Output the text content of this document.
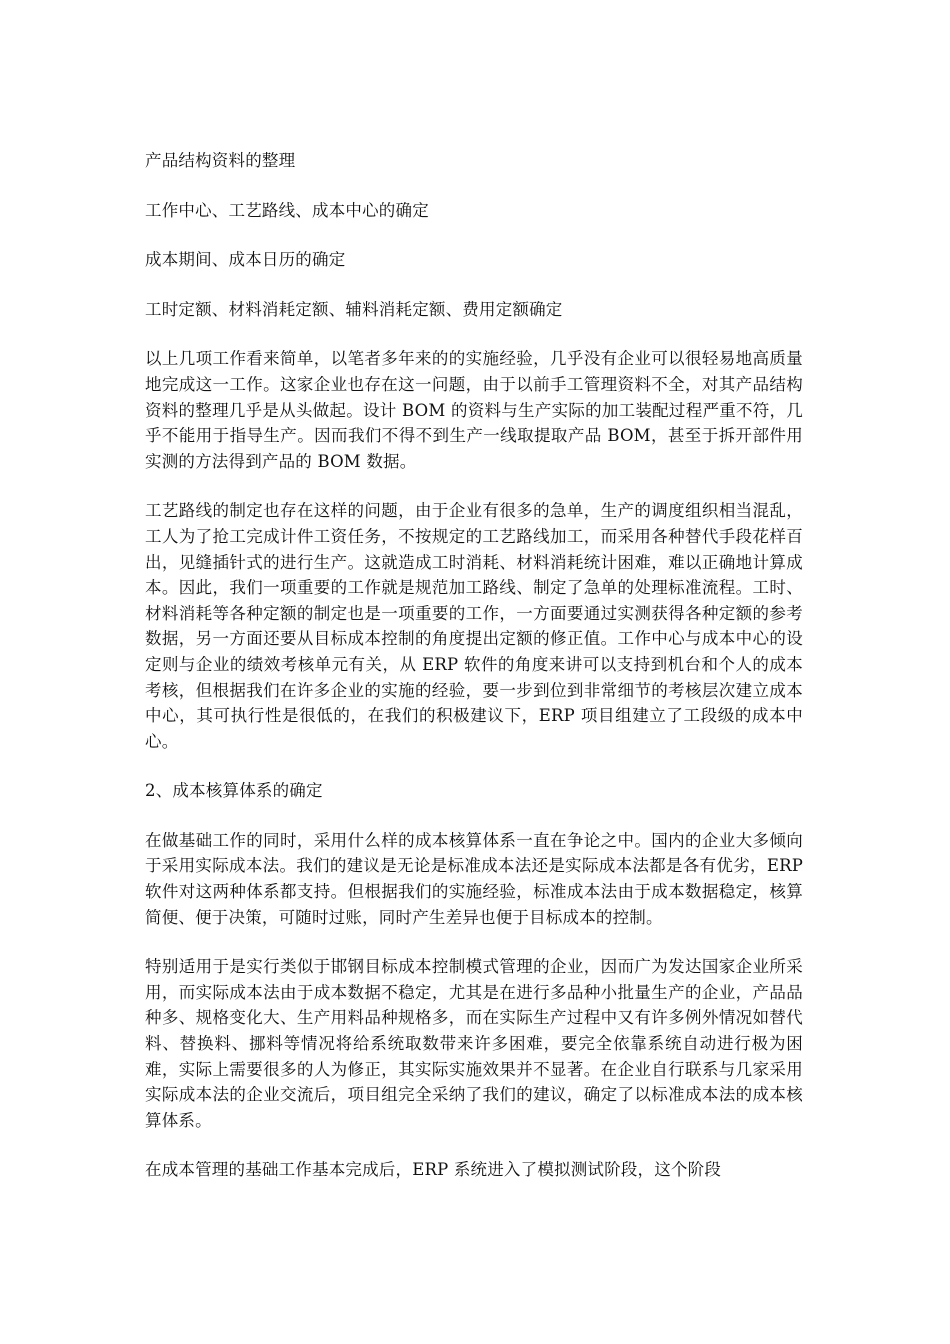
产品结构资料的整理

工作中心、工艺路线、成本中心的确定

成本期间、成本日历的确定

工时定额、材料消耗定额、辅料消耗定额、费用定额确定

以上几项工作看来简单，以笔者多年来的的实施经验，几乎没有企业可以很轻易地高质量地完成这一工作。这家企业也存在这一问题，由于以前手工管理资料不全，对其产品结构资料的整理几乎是从头做起。设计 BOM 的资料与生产实际的加工装配过程严重不符，几乎不能用于指导生产。因而我们不得不到生产一线取提取产品 BOM，甚至于拆开部件用实测的方法得到产品的 BOM 数据。

工艺路线的制定也存在这样的问题，由于企业有很多的急单，生产的调度组织相当混乱，工人为了抢工完成计件工资任务，不按规定的工艺路线加工，而采用各种替代手段花样百出，见缝插针式的进行生产。这就造成工时消耗、材料消耗统计困难，难以正确地计算成本。因此，我们一项重要的工作就是规范加工路线、制定了急单的处理标准流程。工时、材料消耗等各种定额的制定也是一项重要的工作，一方面要通过实测获得各种定额的参考数据，另一方面还要从目标成本控制的角度提出定额的修正值。工作中心与成本中心的设定则与企业的绩效考核单元有关，从 ERP 软件的角度来讲可以支持到机台和个人的成本考核，但根据我们在许多企业的实施的经验，要一步到位到非常细节的考核层次建立成本中心，其可执行性是很低的，在我们的积极建议下，ERP 项目组建立了工段级的成本中心。

2、成本核算体系的确定

在做基础工作的同时，采用什么样的成本核算体系一直在争论之中。国内的企业大多倾向于采用实际成本法。我们的建议是无论是标准成本法还是实际成本法都是各有优劣，ERP 软件对这两种体系都支持。但根据我们的实施经验，标准成本法由于成本数据稳定，核算简便、便于决策，可随时过账，同时产生差异也便于目标成本的控制。

特别适用于是实行类似于邯钢目标成本控制模式管理的企业，因而广为发达国家企业所采用，而实际成本法由于成本数据不稳定，尤其是在进行多品种小批量生产的企业，产品品种多、规格变化大、生产用料品种规格多，而在实际生产过程中又有许多例外情况如替代料、替换料、挪料等情况将给系统取数带来许多困难，要完全依靠系统自动进行极为困难，实际上需要很多的人为修正，其实际实施效果并不显著。在企业自行联系与几家采用实际成本法的企业交流后，项目组完全采纳了我们的建议，确定了以标准成本法的成本核算体系。

在成本管理的基础工作基本完成后，ERP 系统进入了模拟测试阶段，这个阶段
